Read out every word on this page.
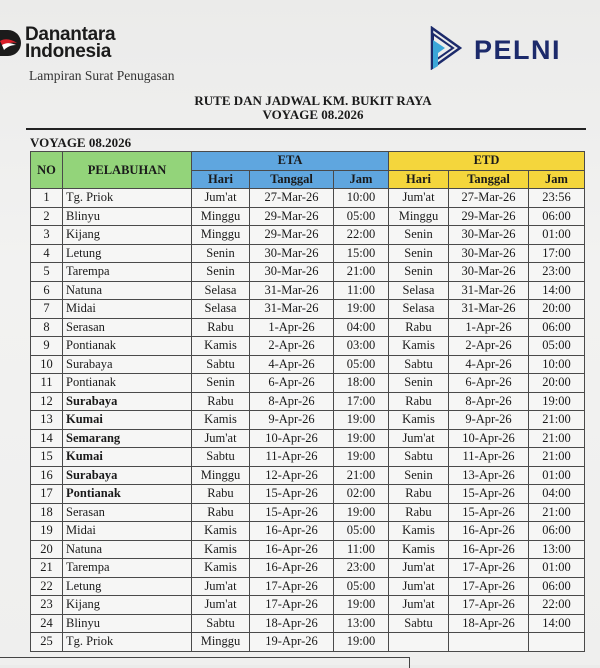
Danantara
Indonesia
Lampiran Surat Penugasan
PELNI
RUTE DAN JADWAL KM. BUKIT RAYA
VOYAGE 08.2026
VOYAGE 08.2026
NO	PELABUHAN	ETA			ETD		
		Hari	Tanggal	Jam	Hari	Tanggal	Jam
1	Tg. Priok	Jum'at	27-Mar-26	10:00	Jum'at	27-Mar-26	23:56
2	Blinyu	Minggu	29-Mar-26	05:00	Minggu	29-Mar-26	06:00
3	Kijang	Minggu	29-Mar-26	22:00	Senin	30-Mar-26	01:00
4	Letung	Senin	30-Mar-26	15:00	Senin	30-Mar-26	17:00
5	Tarempa	Senin	30-Mar-26	21:00	Senin	30-Mar-26	23:00
6	Natuna	Selasa	31-Mar-26	11:00	Selasa	31-Mar-26	14:00
7	Midai	Selasa	31-Mar-26	19:00	Selasa	31-Mar-26	20:00
8	Serasan	Rabu	1-Apr-26	04:00	Rabu	1-Apr-26	06:00
9	Pontianak	Kamis	2-Apr-26	03:00	Kamis	2-Apr-26	05:00
10	Surabaya	Sabtu	4-Apr-26	05:00	Sabtu	4-Apr-26	10:00
11	Pontianak	Senin	6-Apr-26	18:00	Senin	6-Apr-26	20:00
12	Surabaya	Rabu	8-Apr-26	17:00	Rabu	8-Apr-26	19:00
13	Kumai	Kamis	9-Apr-26	19:00	Kamis	9-Apr-26	21:00
14	Semarang	Jum'at	10-Apr-26	19:00	Jum'at	10-Apr-26	21:00
15	Kumai	Sabtu	11-Apr-26	19:00	Sabtu	11-Apr-26	21:00
16	Surabaya	Minggu	12-Apr-26	21:00	Senin	13-Apr-26	01:00
17	Pontianak	Rabu	15-Apr-26	02:00	Rabu	15-Apr-26	04:00
18	Serasan	Rabu	15-Apr-26	19:00	Rabu	15-Apr-26	21:00
19	Midai	Kamis	16-Apr-26	05:00	Kamis	16-Apr-26	06:00
20	Natuna	Kamis	16-Apr-26	11:00	Kamis	16-Apr-26	13:00
21	Tarempa	Kamis	16-Apr-26	23:00	Jum'at	17-Apr-26	01:00
22	Letung	Jum'at	17-Apr-26	05:00	Jum'at	17-Apr-26	06:00
23	Kijang	Jum'at	17-Apr-26	19:00	Jum'at	17-Apr-26	22:00
24	Blinyu	Sabtu	18-Apr-26	13:00	Sabtu	18-Apr-26	14:00
25	Tg. Priok	Minggu	19-Apr-26	19:00			
